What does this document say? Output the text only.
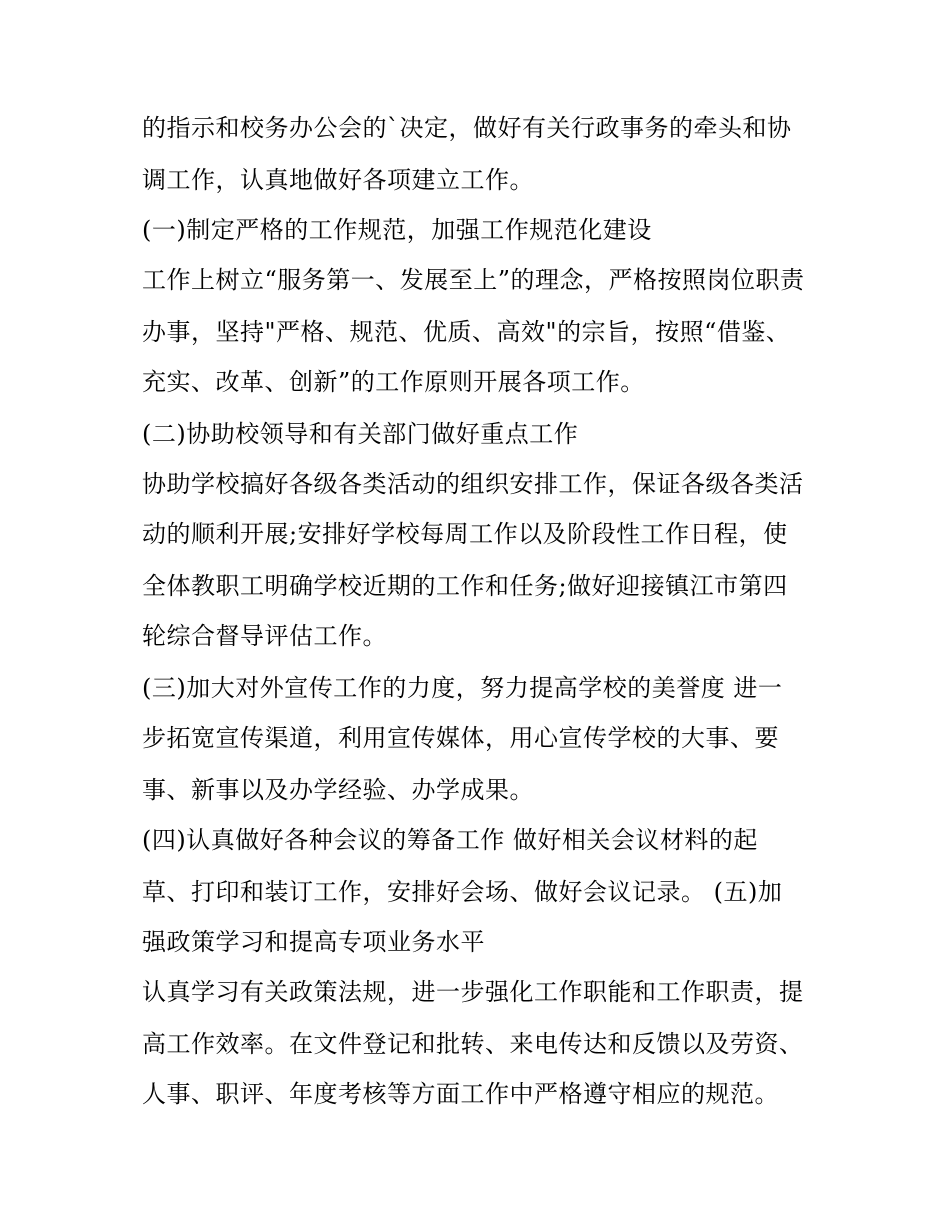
的指示和校务办公会的`决定，做好有关行政事务的牵头和协
调工作，认真地做好各项建立工作。
(一)制定严格的工作规范，加强工作规范化建设
工作上树立“服务第一、发展至上”的理念，严格按照岗位职责
办事，坚持"严格、规范、优质、高效"的宗旨，按照“借鉴、
充实、改革、创新”的工作原则开展各项工作。
(二)协助校领导和有关部门做好重点工作
协助学校搞好各级各类活动的组织安排工作，保证各级各类活
动的顺利开展;安排好学校每周工作以及阶段性工作日程，使
全体教职工明确学校近期的工作和任务;做好迎接镇江市第四
轮综合督导评估工作。
(三)加大对外宣传工作的力度，努力提高学校的美誉度 进一
步拓宽宣传渠道，利用宣传媒体，用心宣传学校的大事、要
事、新事以及办学经验、办学成果。
(四)认真做好各种会议的筹备工作 做好相关会议材料的起
草、打印和装订工作，安排好会场、做好会议记录。 (五)加
强政策学习和提高专项业务水平
认真学习有关政策法规，进一步强化工作职能和工作职责，提
高工作效率。在文件登记和批转、来电传达和反馈以及劳资、
人事、职评、年度考核等方面工作中严格遵守相应的规范。
